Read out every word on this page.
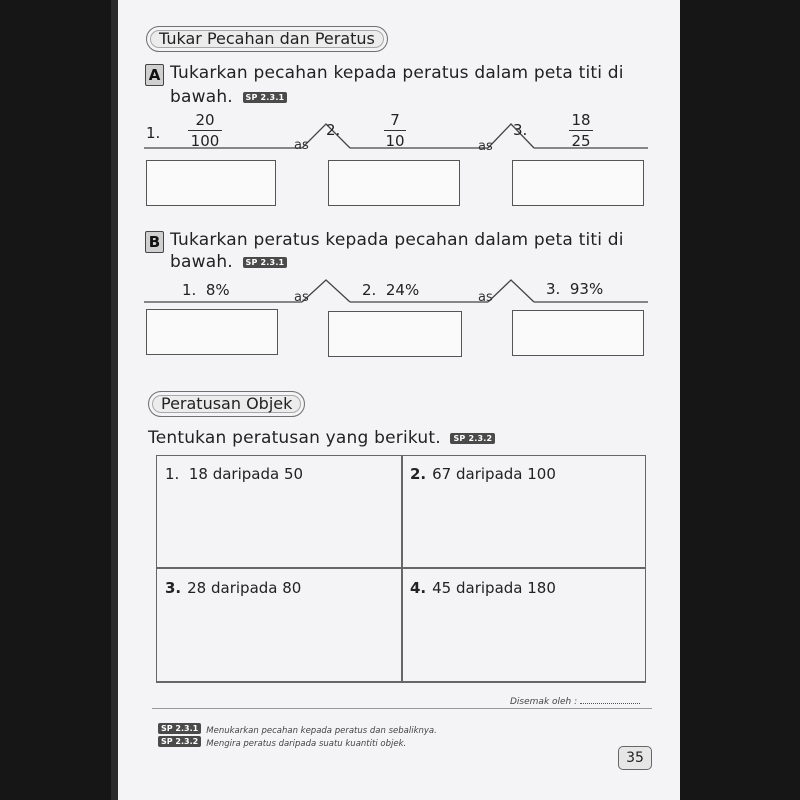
Tukar Pecahan dan Peratus
A Tukarkan pecahan kepada peratus dalam peta titi di
bawah. SP 2.3.1
1.
20
100
2.
7
10
3.
18
25
as	as
B Tukarkan peratus kepada pecahan dalam peta titi di
bawah. SP 2.3.1
1. 8%	2. 24%	3. 93%
as	as
Peratusan Objek
Tentukan peratusan yang berikut. SP 2.3.2
1. 18 daripada 50	2. 67 daripada 100
3. 28 daripada 80	4. 45 daripada 180
Disemak oleh :
SP 2.3.1 Menukarkan pecahan kepada peratus dan sebaliknya.
SP 2.3.2 Mengira peratus daripada suatu kuantiti objek.
35
